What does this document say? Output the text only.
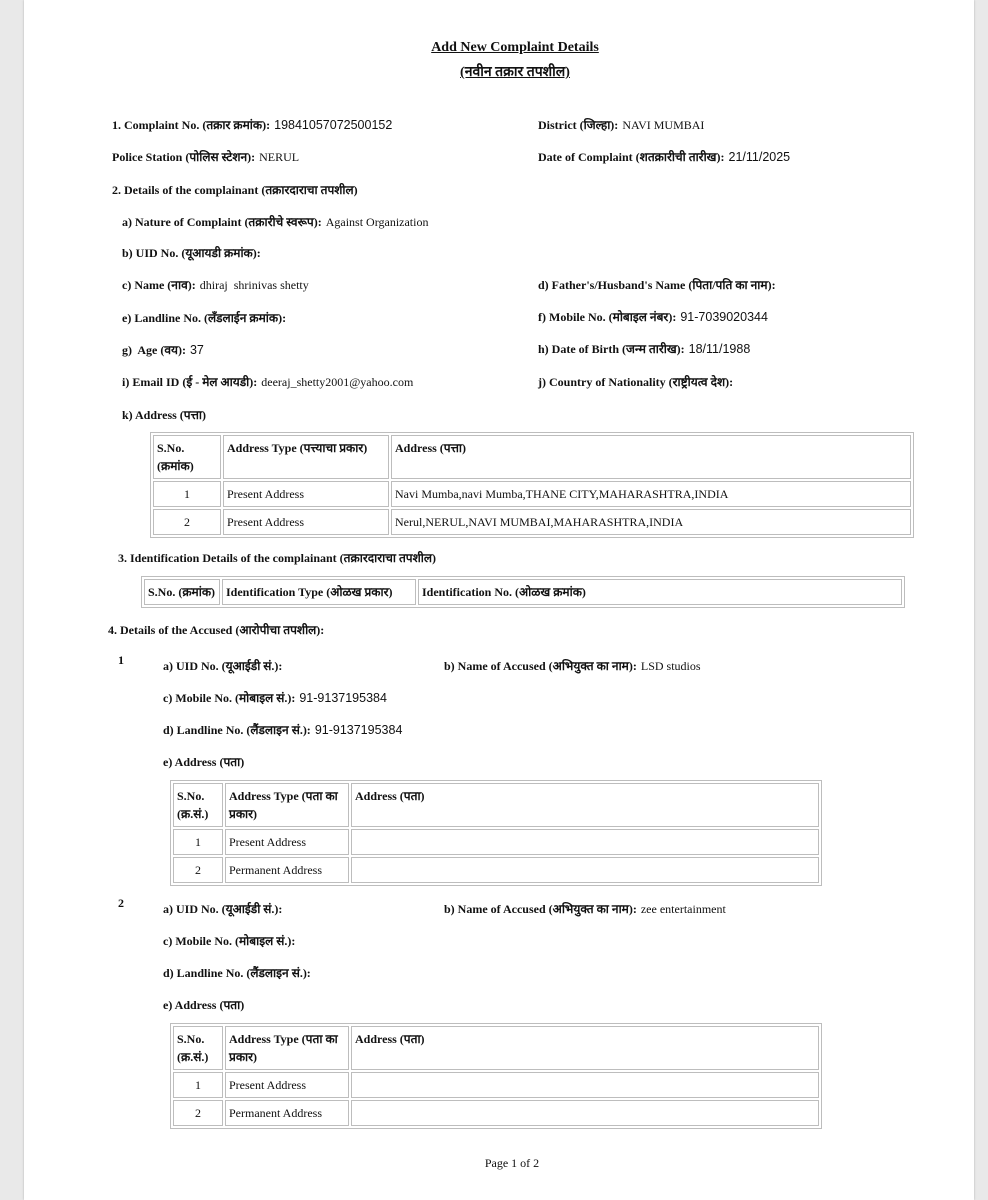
Add New Complaint Details
(नवीन तक्रार तपशील)
1. Complaint No. (तक्रार क्रमांक): 19841057072500152	District (जिल्हा): NAVI MUMBAI
Police Station (पोलिस स्टेशन): NERUL	Date of Complaint (शतक्रारीची तारीख): 21/11/2025
2. Details of the complainant (तक्रारदाराचा तपशील)
a) Nature of Complaint (तक्रारीचे स्वरूप): Against Organization
b) UID No. (यूआयडी क्रमांक):
c) Name (नाव): dhiraj  shrinivas shetty	d) Father's/Husband's Name (पिता/पति का नाम):
e) Landline No. (लँडलाईन क्रमांक):	f) Mobile No. (मोबाइल नंबर): 91-7039020344
g)  Age (वय): 37	h) Date of Birth (जन्म तारीख): 18/11/1988
i) Email ID (ई - मेल आयडी): deeraj_shetty2001@yahoo.com	j) Country of Nationality (राष्ट्रीयत्व देश):
k) Address (पत्ता)
S.No. (क्रमांक)	Address Type (पत्त्याचा प्रकार)	Address (पत्ता)
1	Present Address	Navi Mumba,navi Mumba,THANE CITY,MAHARASHTRA,INDIA
2	Present Address	Nerul,NERUL,NAVI MUMBAI,MAHARASHTRA,INDIA
3. Identification Details of the complainant (तक्रारदाराचा तपशील)
S.No. (क्रमांक)	Identification Type (ओळख प्रकार)	Identification No. (ओळख क्रमांक)
4. Details of the Accused (आरोपीचा तपशील):
1	a) UID No. (यूआईडी सं.):	b) Name of Accused (अभियुक्त का नाम): LSD studios
c) Mobile No. (मोबाइल सं.): 91-9137195384
d) Landline No. (लैंडलाइन सं.): 91-9137195384
e) Address (पता)
S.No. (क्र.सं.)	Address Type (पता का प्रकार)	Address (पता)
1	Present Address	
2	Permanent Address	
2	a) UID No. (यूआईडी सं.):	b) Name of Accused (अभियुक्त का नाम): zee entertainment
c) Mobile No. (मोबाइल सं.):
d) Landline No. (लैंडलाइन सं.):
e) Address (पता)
S.No. (क्र.सं.)	Address Type (पता का प्रकार)	Address (पता)
1	Present Address	
2	Permanent Address	
Page 1 of 2
